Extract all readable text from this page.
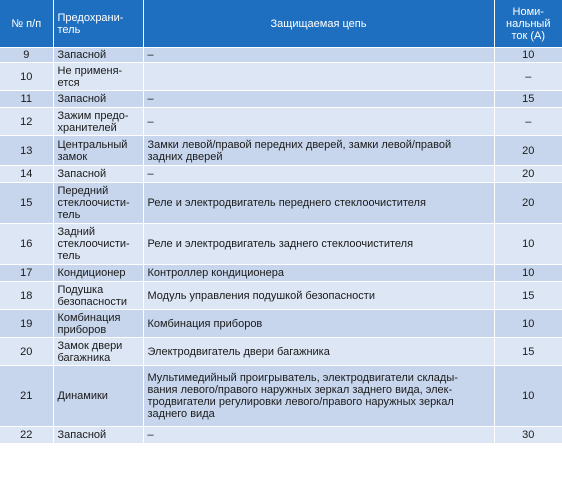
№ п/п	Предохрани-
тель	Защищаемая цепь	Номи-
нальный
ток (А)
9	Запасной	–	10
10	Не применя-
ется		–
11	Запасной	–	15
12	Зажим предо-
хранителей	–	–
13	Центральный
замок	Замки левой/правой передних дверей, замки левой/правой
задних дверей	20
14	Запасной	–	20
15	Передний
стеклоочисти-
тель	Реле и электродвигатель переднего стеклоочистителя	20
16	Задний
стеклоочисти-
тель	Реле и электродвигатель заднего стеклоочистителя	10
17	Кондиционер	Контроллер кондиционера	10
18	Подушка
безопасности	Модуль управления подушкой безопасности	15
19	Комбинация
приборов	Комбинация приборов	10
20	Замок двери
багажника	Электродвигатель двери багажника	15
21	Динамики	Мультимедийный проигрыватель, электродвигатели склады-
вания левого/правого наружных зеркал заднего вида, элек-
тродвигатели регулировки левого/правого наружных зеркал
заднего вида	10
22	Запасной	–	30
